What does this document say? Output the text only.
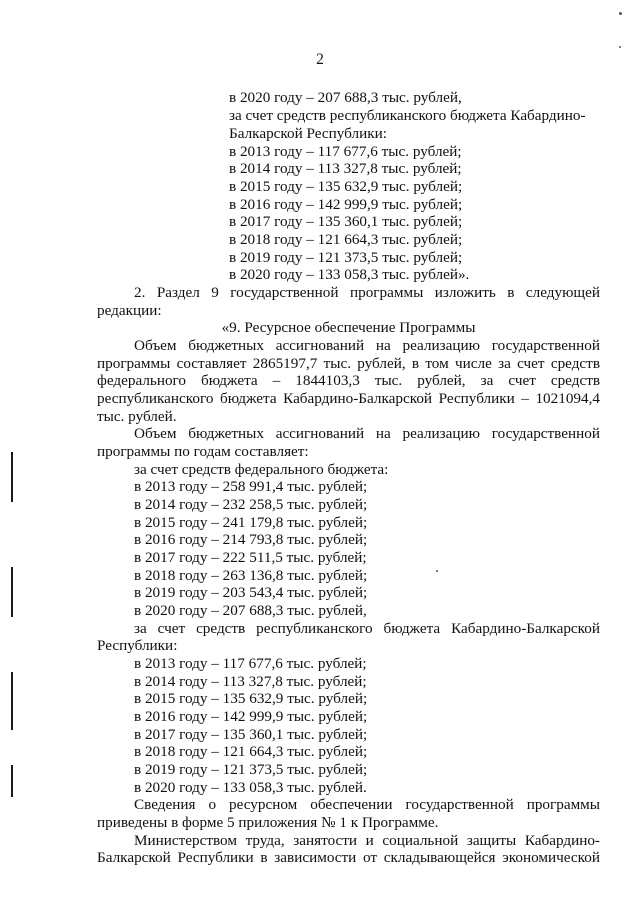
2
в 2020 году – 207 688,3 тыс. рублей,
за счет средств республиканского бюджета Кабардино-
Балкарской Республики:
в 2013 году – 117 677,6 тыс. рублей;
в 2014 году – 113 327,8 тыс. рублей;
в 2015 году – 135 632,9 тыс. рублей;
в 2016 году – 142 999,9 тыс. рублей;
в 2017 году – 135 360,1 тыс. рублей;
в 2018 году – 121 664,3 тыс. рублей;
в 2019 году – 121 373,5 тыс. рублей;
в 2020 году – 133 058,3 тыс. рублей».
2. Раздел 9 государственной программы изложить в следующей
редакции:
«9. Ресурсное обеспечение Программы
Объем бюджетных ассигнований на реализацию государственной
программы составляет 2865197,7 тыс. рублей, в том числе за счет средств
федерального бюджета – 1844103,3 тыс. рублей, за счет средств
республиканского бюджета Кабардино-Балкарской Республики – 1021094,4
тыс. рублей.
Объем бюджетных ассигнований на реализацию государственной
программы по годам составляет:
за счет средств федерального бюджета:
в 2013 году – 258 991,4 тыс. рублей;
в 2014 году – 232 258,5 тыс. рублей;
в 2015 году – 241 179,8 тыс. рублей;
в 2016 году – 214 793,8 тыс. рублей;
в 2017 году – 222 511,5 тыс. рублей;
в 2018 году – 263 136,8 тыс. рублей;
в 2019 году – 203 543,4 тыс. рублей;
в 2020 году – 207 688,3 тыс. рублей,
за счет средств республиканского бюджета Кабардино-Балкарской
Республики:
в 2013 году – 117 677,6 тыс. рублей;
в 2014 году – 113 327,8 тыс. рублей;
в 2015 году – 135 632,9 тыс. рублей;
в 2016 году – 142 999,9 тыс. рублей;
в 2017 году – 135 360,1 тыс. рублей;
в 2018 году – 121 664,3 тыс. рублей;
в 2019 году – 121 373,5 тыс. рублей;
в 2020 году – 133 058,3 тыс. рублей.
Сведения о ресурсном обеспечении государственной программы
приведены в форме 5 приложения № 1 к Программе.
Министерством труда, занятости и социальной защиты Кабардино-
Балкарской Республики в зависимости от складывающейся экономической
